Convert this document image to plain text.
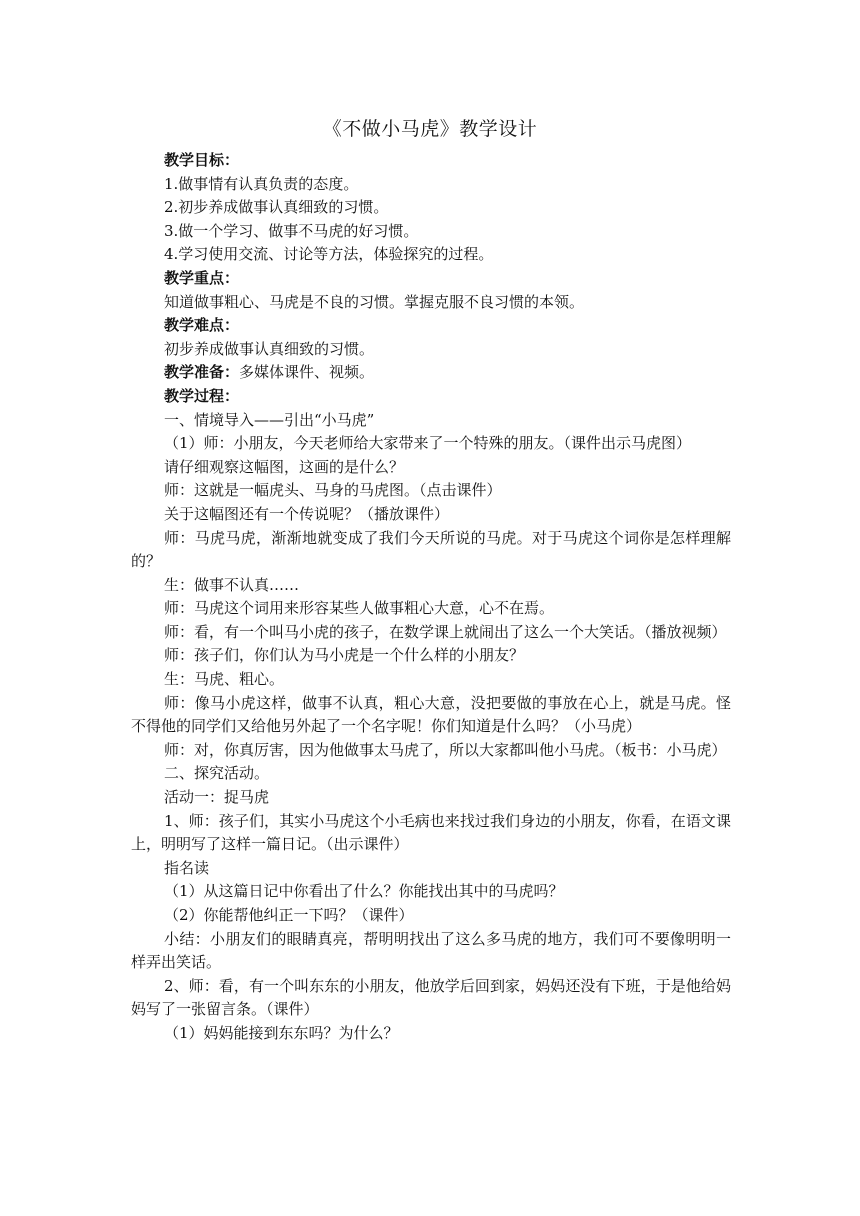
《不做小马虎》教学设计

教学目标：

1.做事情有认真负责的态度。

2.初步养成做事认真细致的习惯。

3.做一个学习、做事不马虎的好习惯。

4.学习使用交流、讨论等方法，体验探究的过程。

教学重点：

知道做事粗心、马虎是不良的习惯。掌握克服不良习惯的本领。

教学难点：

初步养成做事认真细致的习惯。

教学准备：多媒体课件、视频。

教学过程：

一、情境导入——引出“小马虎”

（1）师：小朋友，今天老师给大家带来了一个特殊的朋友。（课件出示马虎图）

请仔细观察这幅图，这画的是什么？

师：这就是一幅虎头、马身的马虎图。（点击课件）

关于这幅图还有一个传说呢？（播放课件）

师：马虎马虎，渐渐地就变成了我们今天所说的马虎。对于马虎这个词你是怎样理解的？

生：做事不认真……

师：马虎这个词用来形容某些人做事粗心大意，心不在焉。

师：看，有一个叫马小虎的孩子，在数学课上就闹出了这么一个大笑话。（播放视频）

师：孩子们，你们认为马小虎是一个什么样的小朋友？

生：马虎、粗心。

师：像马小虎这样，做事不认真，粗心大意，没把要做的事放在心上，就是马虎。怪不得他的同学们又给他另外起了一个名字呢！你们知道是什么吗？（小马虎）

师：对，你真厉害，因为他做事太马虎了，所以大家都叫他小马虎。（板书：小马虎）

二、探究活动。

活动一：捉马虎

1、师：孩子们，其实小马虎这个小毛病也来找过我们身边的小朋友，你看，在语文课上，明明写了这样一篇日记。（出示课件）

指名读

（1）从这篇日记中你看出了什么？你能找出其中的马虎吗？

（2）你能帮他纠正一下吗？（课件）

小结：小朋友们的眼睛真亮，帮明明找出了这么多马虎的地方，我们可不要像明明一样弄出笑话。

2、师：看，有一个叫东东的小朋友，他放学后回到家，妈妈还没有下班，于是他给妈妈写了一张留言条。（课件）

（1）妈妈能接到东东吗？为什么？
